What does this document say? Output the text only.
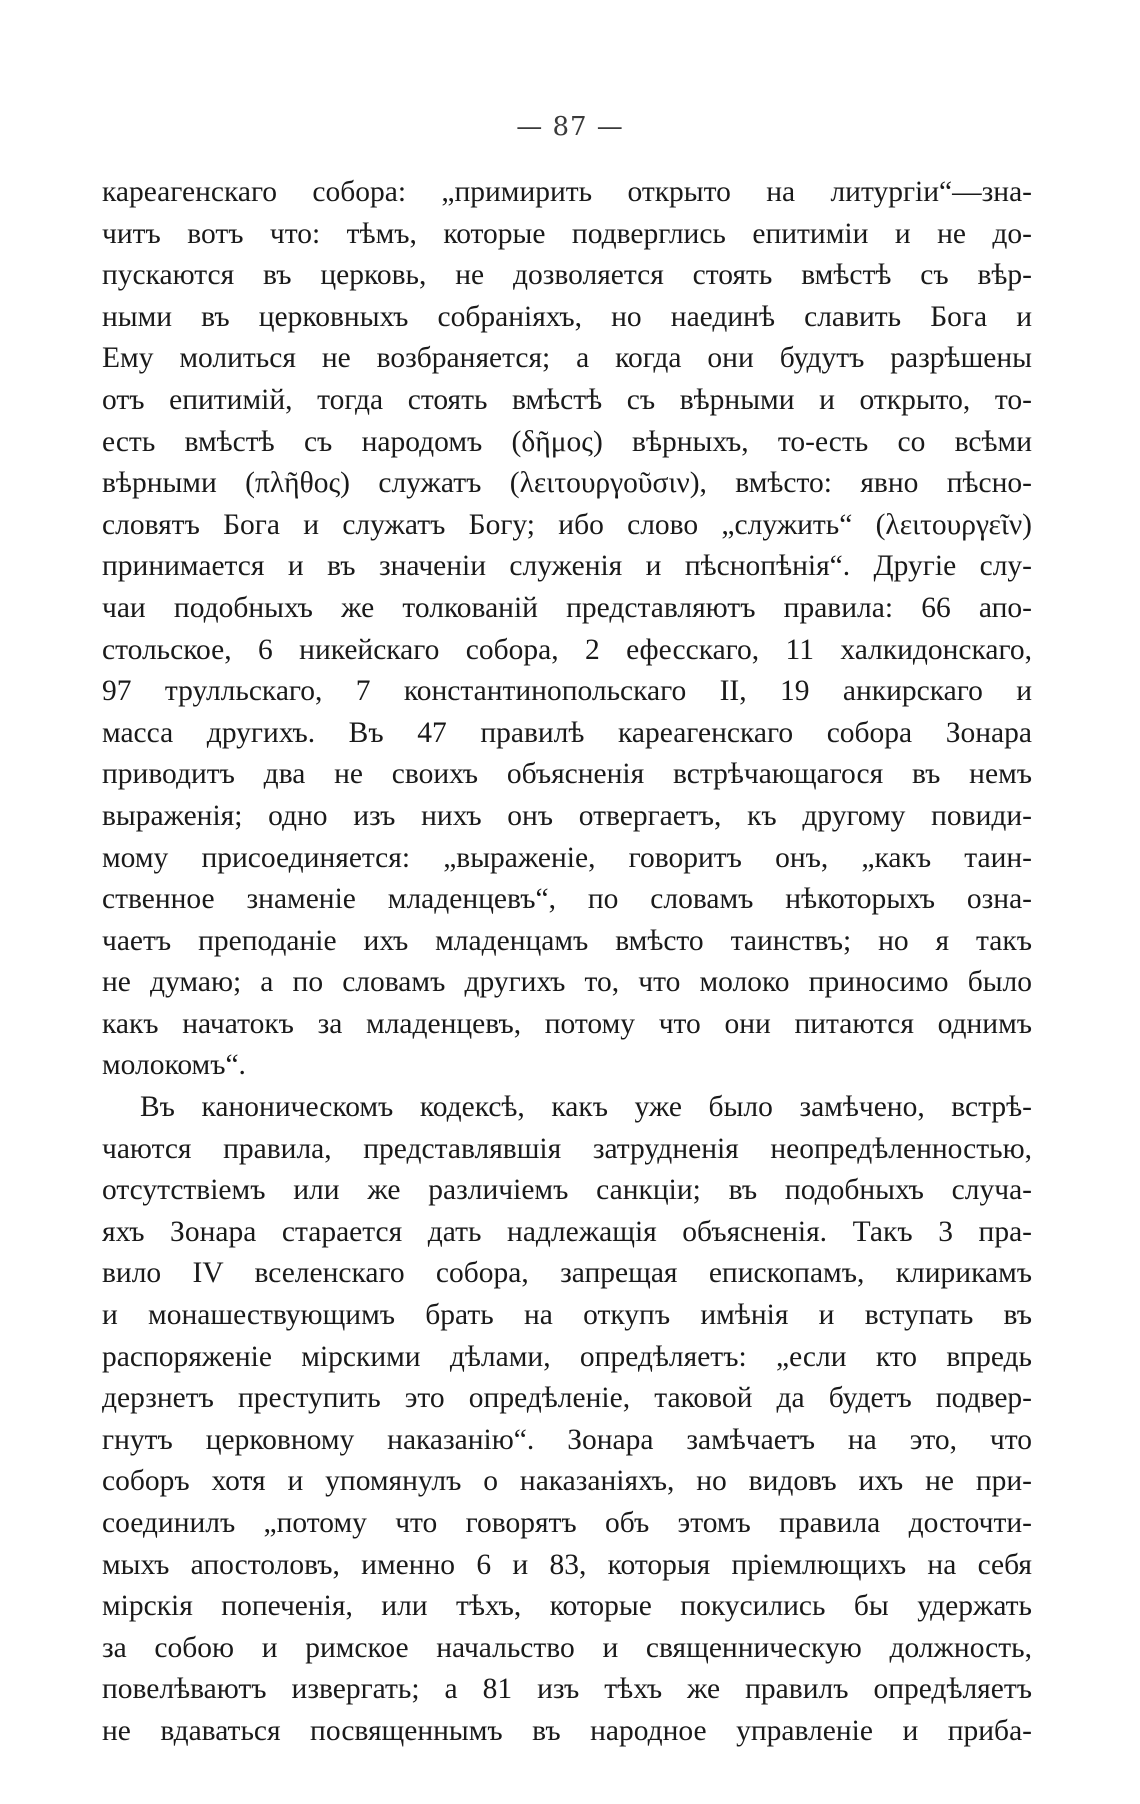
— 87 —
кареагенскаго собора: „примирить открыто на литургіи“—зна-
читъ вотъ что: тѣмъ, которые подверглись епитиміи и не до-
пускаются въ церковь, не дозволяется стоять вмѣстѣ съ вѣр-
ными въ церковныхъ собраніяхъ, но наединѣ славить Бога и
Ему молиться не возбраняется; а когда они будутъ разрѣшены
отъ епитимій, тогда стоять вмѣстѣ съ вѣрными и открыто, то-
есть вмѣстѣ съ народомъ (δῆμος) вѣрныхъ, то-есть со всѣми
вѣрными (πλῆθος) служатъ (λειτουργοῦσιν), вмѣсто: явно пѣсно-
словятъ Бога и служатъ Богу; ибо слово „служить“ (λειτουργεῖν)
принимается и въ значеніи служенія и пѣснопѣнія“. Другіе слу-
чаи подобныхъ же толкованій представляютъ правила: 66 апо-
стольское, 6 никейскаго собора, 2 ефесскаго, 11 халкидонскаго,
97 трулльскаго, 7 константинопольскаго II, 19 анкирскаго и
масса другихъ. Въ 47 правилѣ кареагенскаго собора Зонара
приводитъ два не своихъ объясненія встрѣчающагося въ немъ
выраженія; одно изъ нихъ онъ отвергаетъ, къ другому повиди-
мому присоединяется: „выраженіе, говоритъ онъ, „какъ таин-
ственное знаменіе младенцевъ“, по словамъ нѣкоторыхъ озна-
чаетъ преподаніе ихъ младенцамъ вмѣсто таинствъ; но я такъ
не думаю; а по словамъ другихъ то, что молоко приносимо было
какъ начатокъ за младенцевъ, потому что они питаются однимъ
молокомъ“.
Въ каноническомъ кодексѣ, какъ уже было замѣчено, встрѣ-
чаются правила, представлявшія затрудненія неопредѣленностью,
отсутствіемъ или же различіемъ санкціи; въ подобныхъ случа-
яхъ Зонара старается дать надлежащія объясненія. Такъ 3 пра-
вило IV вселенскаго собора, запрещая епископамъ, клирикамъ
и монашествующимъ брать на откупъ имѣнія и вступать въ
распоряженіе мірскими дѣлами, опредѣляетъ: „если кто впредь
дерзнетъ преступить это опредѣленіе, таковой да будетъ подвер-
гнутъ церковному наказанію“. Зонара замѣчаетъ на это, что
соборъ хотя и упомянулъ о наказаніяхъ, но видовъ ихъ не при-
соединилъ „потому что говорятъ объ этомъ правила досточти-
мыхъ апостоловъ, именно 6 и 83, которыя пріемлющихъ на себя
мірскія попеченія, или тѣхъ, которые покусились бы удержать
за собою и римское начальство и священническую должность,
повелѣваютъ извергать; а 81 изъ тѣхъ же правилъ опредѣляетъ
не вдаваться посвященнымъ въ народное управленіе и приба-
